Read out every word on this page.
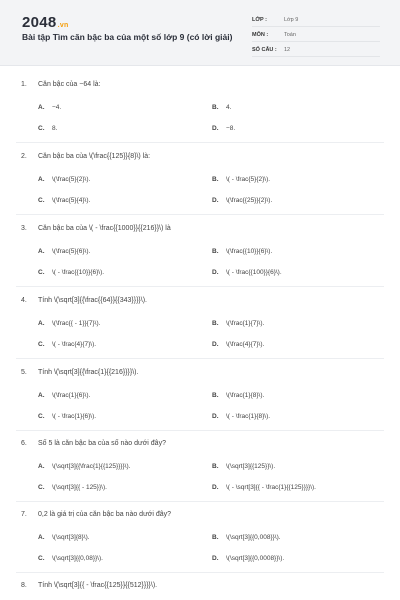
2048.vn
Bài tập Tìm căn bậc ba của một số lớp 9 (có lời giải)
LỚP :	Lớp 9
MÔN :	Toán
SỐ CÂU : 12
1. Căn bậc của −64 là:
A. −4.	B. 4.
C. 8.	D. −8.
2. Căn bậc ba của \(\frac{{125}}{8}\) là:
A. \(\frac{5}{2}\).	B. \( - \frac{5}{2}\).
C. \(\frac{5}{4}\).	D. \(\frac{{25}}{2}\).
3. Căn bậc ba của \( - \frac{{1000}}{{216}}\) là
A. \(\frac{5}{6}\).	B. \(\frac{{10}}{6}\).
C. \( - \frac{{10}}{6}\).	D. \( - \frac{{100}}{6}\).
4. Tính \(\sqrt[3]{{\frac{{64}}{{343}}}}\).
A. \(\frac{{ - 1}}{7}\).	B. \(\frac{1}{7}\).
C. \( - \frac{4}{7}\).	D. \(\frac{4}{7}\).
5. Tính \(\sqrt[3]{{\frac{1}{{216}}}}\).
A. \(\frac{1}{6}\).	B. \(\frac{1}{8}\).
C. \( - \frac{1}{6}\).	D. \( - \frac{1}{8}\).
6. Số 5 là căn bậc ba của số nào dưới đây?
A. \(\sqrt[3]{{\frac{1}{{125}}}}\).	B. \(\sqrt[3]{{125}}\).
C. \(\sqrt[3]{{ - 125}}\).	D. \( - \sqrt[3]{{ - \frac{1}{{125}}}}\).
7. 0,2 là giá trị của căn bậc ba nào dưới đây?
A. \(\sqrt[3]{8}\).	B. \(\sqrt[3]{{0,008}}\).
C. \(\sqrt[3]{{0,08}}\).	D. \(\sqrt[3]{{0,0008}}\).
8. Tính \(\sqrt[3]{{ - \frac{{125}}{{512}}}}\).
